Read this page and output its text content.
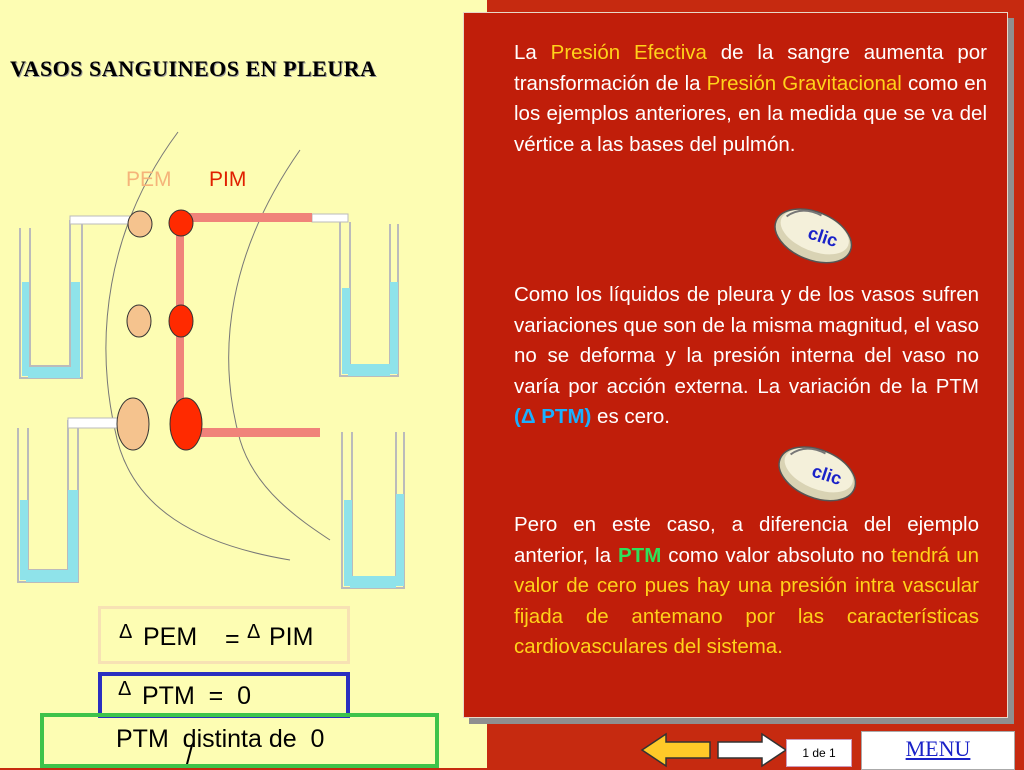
VASOS SANGUINEOS EN PLEURA
PEM PIM
Δ PEM = Δ PIM
Δ PTM  =  0
PTM  distinta de  0
La Presión Efectiva de la sangre aumenta por transformación de la Presión Gravitacional como en los ejemplos anteriores, en la medida que se va del vértice a las bases del pulmón.
clic
Como los líquidos de pleura y de los vasos sufren variaciones que son de la misma magnitud, el vaso no se deforma y la presión interna del vaso no varía por acción externa. La variación de la PTM (Δ PTM) es cero.
clic
Pero en este caso, a diferencia del ejemplo anterior, la PTM como valor absoluto no tendrá un valor de cero pues hay una presión intra vascular fijada de antemano por las características cardiovasculares del sistema.
1 de 1	MENU
